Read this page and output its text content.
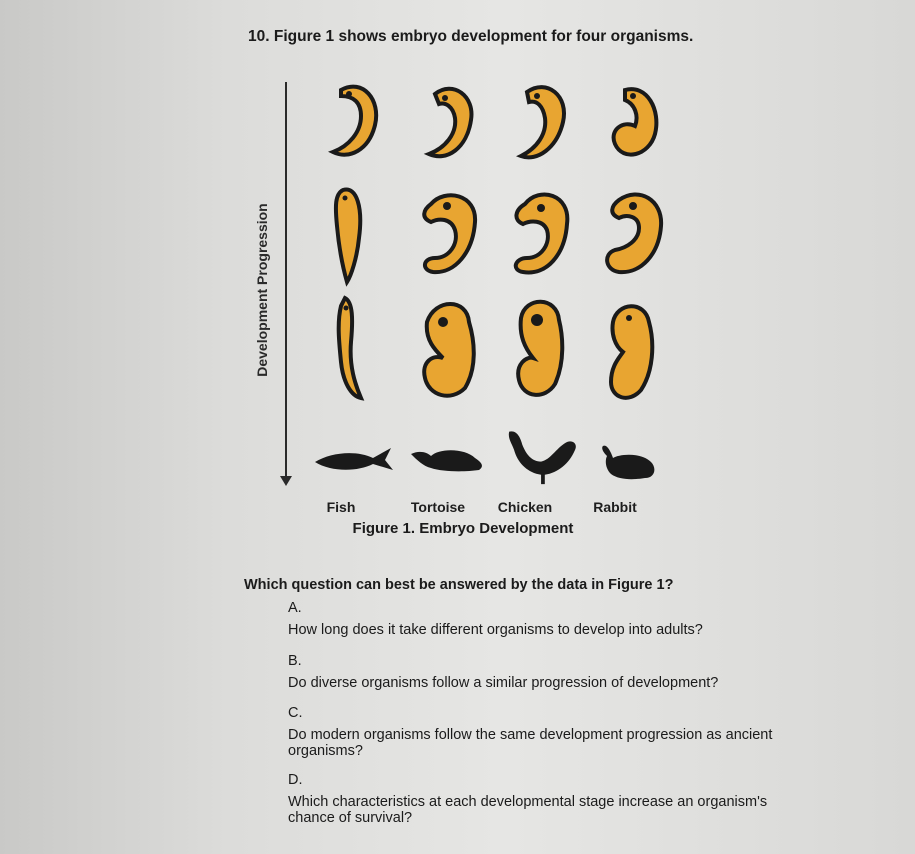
10. Figure 1 shows embryo development for four organisms.
Development Progression
Fish	Tortoise	Chicken	Rabbit
Figure 1. Embryo Development
Which question can best be answered by the data in Figure 1?
A.
How long does it take different organisms to develop into adults?
B.
Do diverse organisms follow a similar progression of development?
C.
Do modern organisms follow the same development progression as ancient organisms?
D.
Which characteristics at each developmental stage increase an organism's chance of survival?
